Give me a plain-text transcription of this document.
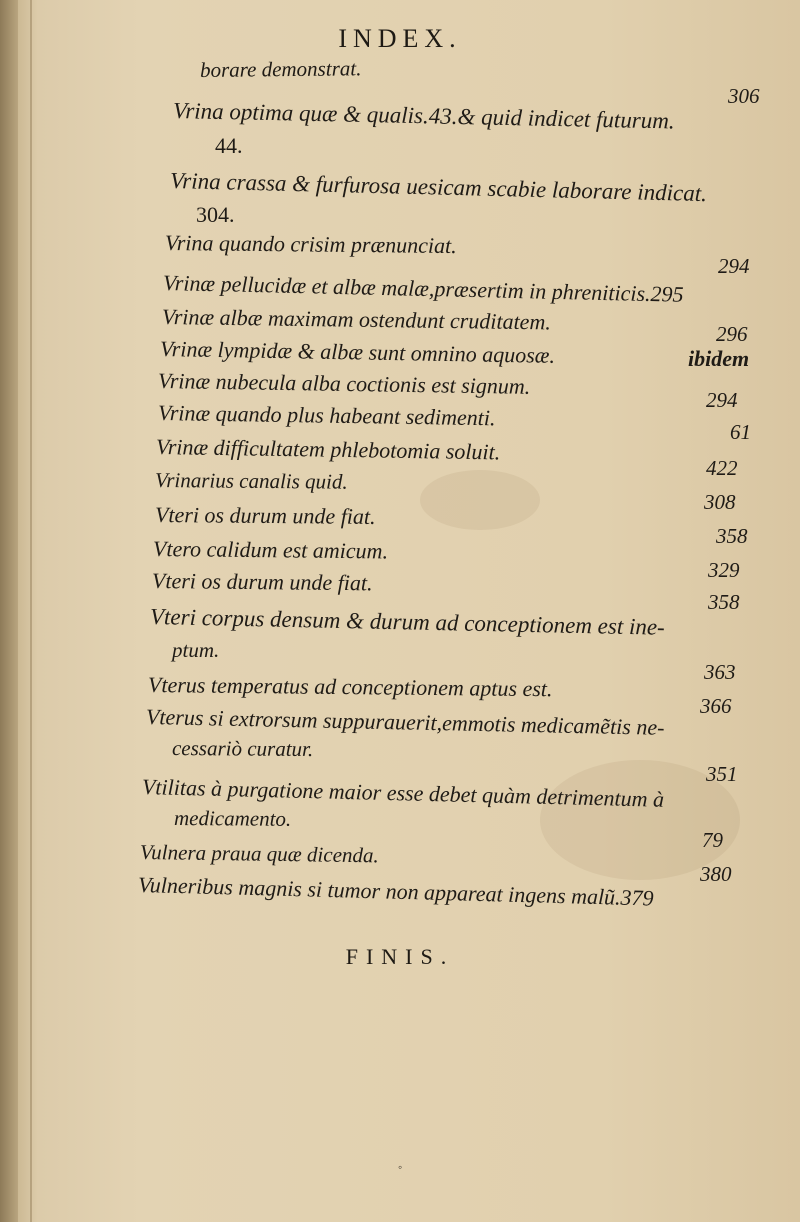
INDEX.
borare demonstrat.
306
Vrina optima quæ & qualis.43.& quid indicet futurum.
44.
Vrina crassa & furfurosa uesicam scabie laborare indicat.
304.
Vrina quando crisim prænunciat.
294
Vrinæ pellucidæ et albæ malæ,præsertim in phreniticis.295
Vrinæ albæ maximam ostendunt cruditatem.	296
Vrinæ lympidæ & albæ sunt omnino aquosæ.	ibidem
Vrinæ nubecula alba coctionis est signum.
294
Vrinæ quando plus habeant sedimenti.
61
Vrinæ difficultatem phlebotomia soluit.
422
Vrinarius canalis quid.
308
Vteri os durum unde fiat.
358
Vtero calidum est amicum.
329
Vteri os durum unde fiat.
358
Vteri corpus densum & durum ad conceptionem est ine-
ptum.
363
Vterus temperatus ad conceptionem aptus est.
366
Vterus si extrorsum suppurauerit,emmotis medicamẽtis ne-
cessariò curatur.
351
Vtilitas à purgatione maior esse debet quàm detrimentum à
medicamento.
79
Vulnera praua quæ dicenda.
380
Vulneribus magnis si tumor non appareat ingens malũ.379
FINIS.
◦
